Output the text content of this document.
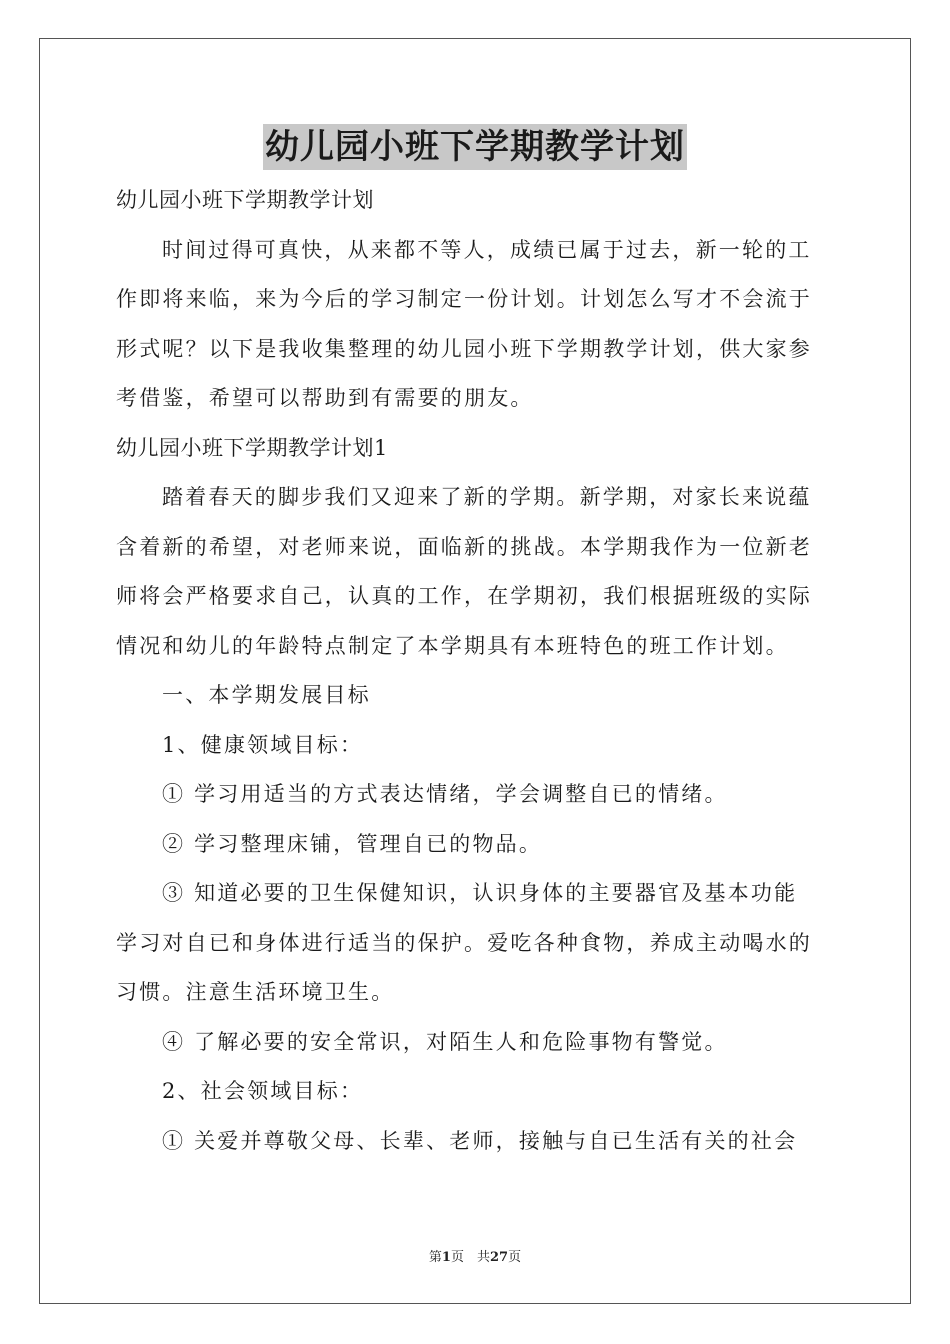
幼儿园小班下学期教学计划
幼儿园小班下学期教学计划
时间过得可真快，从来都不等人，成绩已属于过去，新一轮的工
作即将来临，来为今后的学习制定一份计划。计划怎么写才不会流于
形式呢？以下是我收集整理的幼儿园小班下学期教学计划，供大家参
考借鉴，希望可以帮助到有需要的朋友。
幼儿园小班下学期教学计划1
踏着春天的脚步我们又迎来了新的学期。新学期，对家长来说蕴
含着新的希望，对老师来说，面临新的挑战。本学期我作为一位新老
师将会严格要求自己，认真的工作，在学期初，我们根据班级的实际
情况和幼儿的年龄特点制定了本学期具有本班特色的班工作计划。
一、本学期发展目标
1、健康领域目标：
① 学习用适当的方式表达情绪，学会调整自已的情绪。
② 学习整理床铺，管理自已的物品。
③ 知道必要的卫生保健知识，认识身体的主要器官及基本功能
学习对自已和身体进行适当的保护。爱吃各种食物，养成主动喝水的
习惯。注意生活环境卫生。
④ 了解必要的安全常识，对陌生人和危险事物有警觉。
2、社会领域目标：
① 关爱并尊敬父母、长辈、老师，接触与自已生活有关的社会
第1页　共27页
